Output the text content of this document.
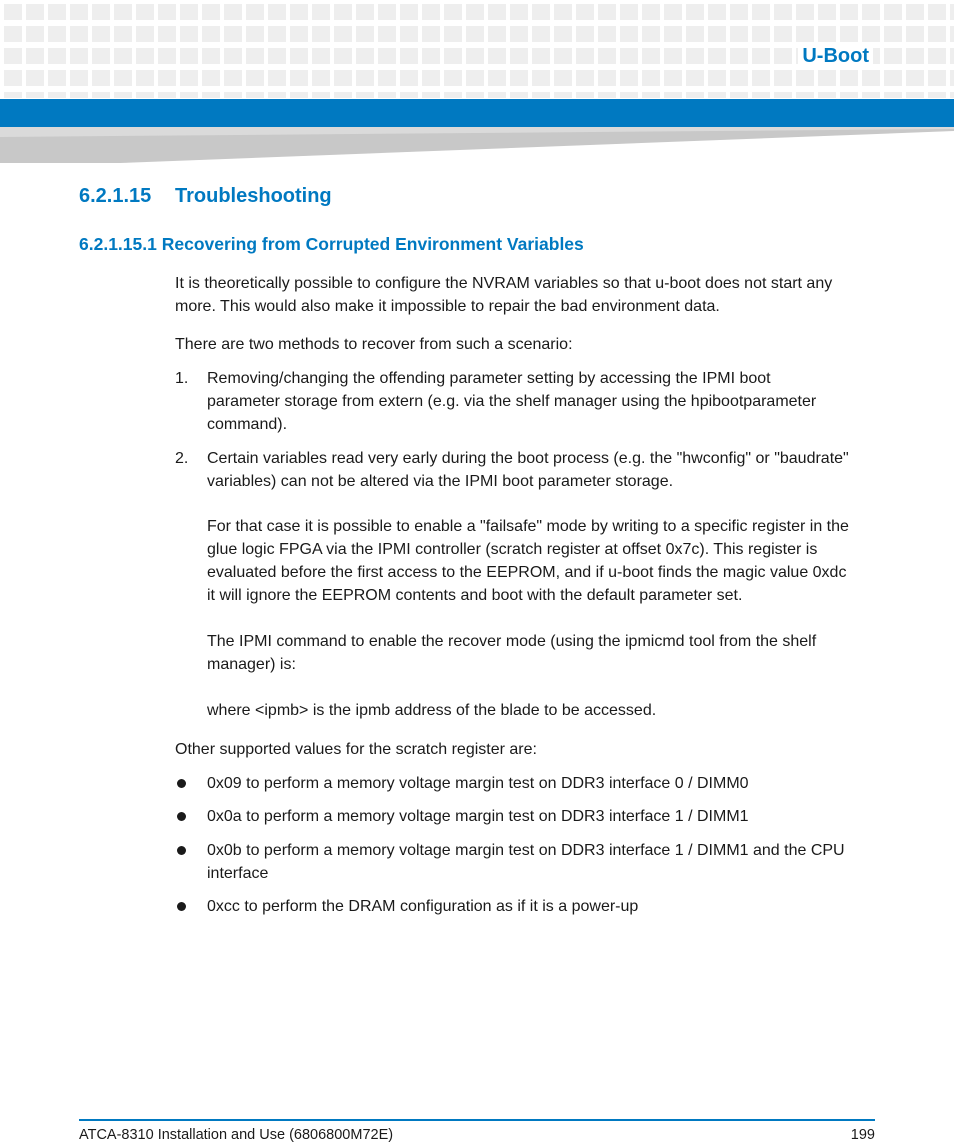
U-Boot
6.2.1.15 Troubleshooting
6.2.1.15.1 Recovering from Corrupted Environment Variables

It is theoretically possible to configure the NVRAM variables so that u-boot does not start any
more. This would also make it impossible to repair the bad environment data.

There are two methods to recover from such a scenario:

1. Removing/changing the offending parameter setting by accessing the IPMI boot
parameter storage from extern (e.g. via the shelf manager using the hpibootparameter
command).

2. Certain variables read very early during the boot process (e.g. the "hwconfig" or "baudrate"
variables) can not be altered via the IPMI boot parameter storage.

For that case it is possible to enable a "failsafe" mode by writing to a specific register in the
glue logic FPGA via the IPMI controller (scratch register at offset 0x7c). This register is
evaluated before the first access to the EEPROM, and if u-boot finds the magic value 0xdc
it will ignore the EEPROM contents and boot with the default parameter set.

The IPMI command to enable the recover mode (using the ipmicmd tool from the shelf
manager) is:

where <ipmb> is the ipmb address of the blade to be accessed.

Other supported values for the scratch register are:

0x09 to perform a memory voltage margin test on DDR3 interface 0 / DIMM0

0x0a to perform a memory voltage margin test on DDR3 interface 1 / DIMM1

0x0b to perform a memory voltage margin test on DDR3 interface 1 / DIMM1 and the CPU
interface

0xcc to perform the DRAM configuration as if it is a power-up

ATCA-8310 Installation and Use (6806800M72E)	199
